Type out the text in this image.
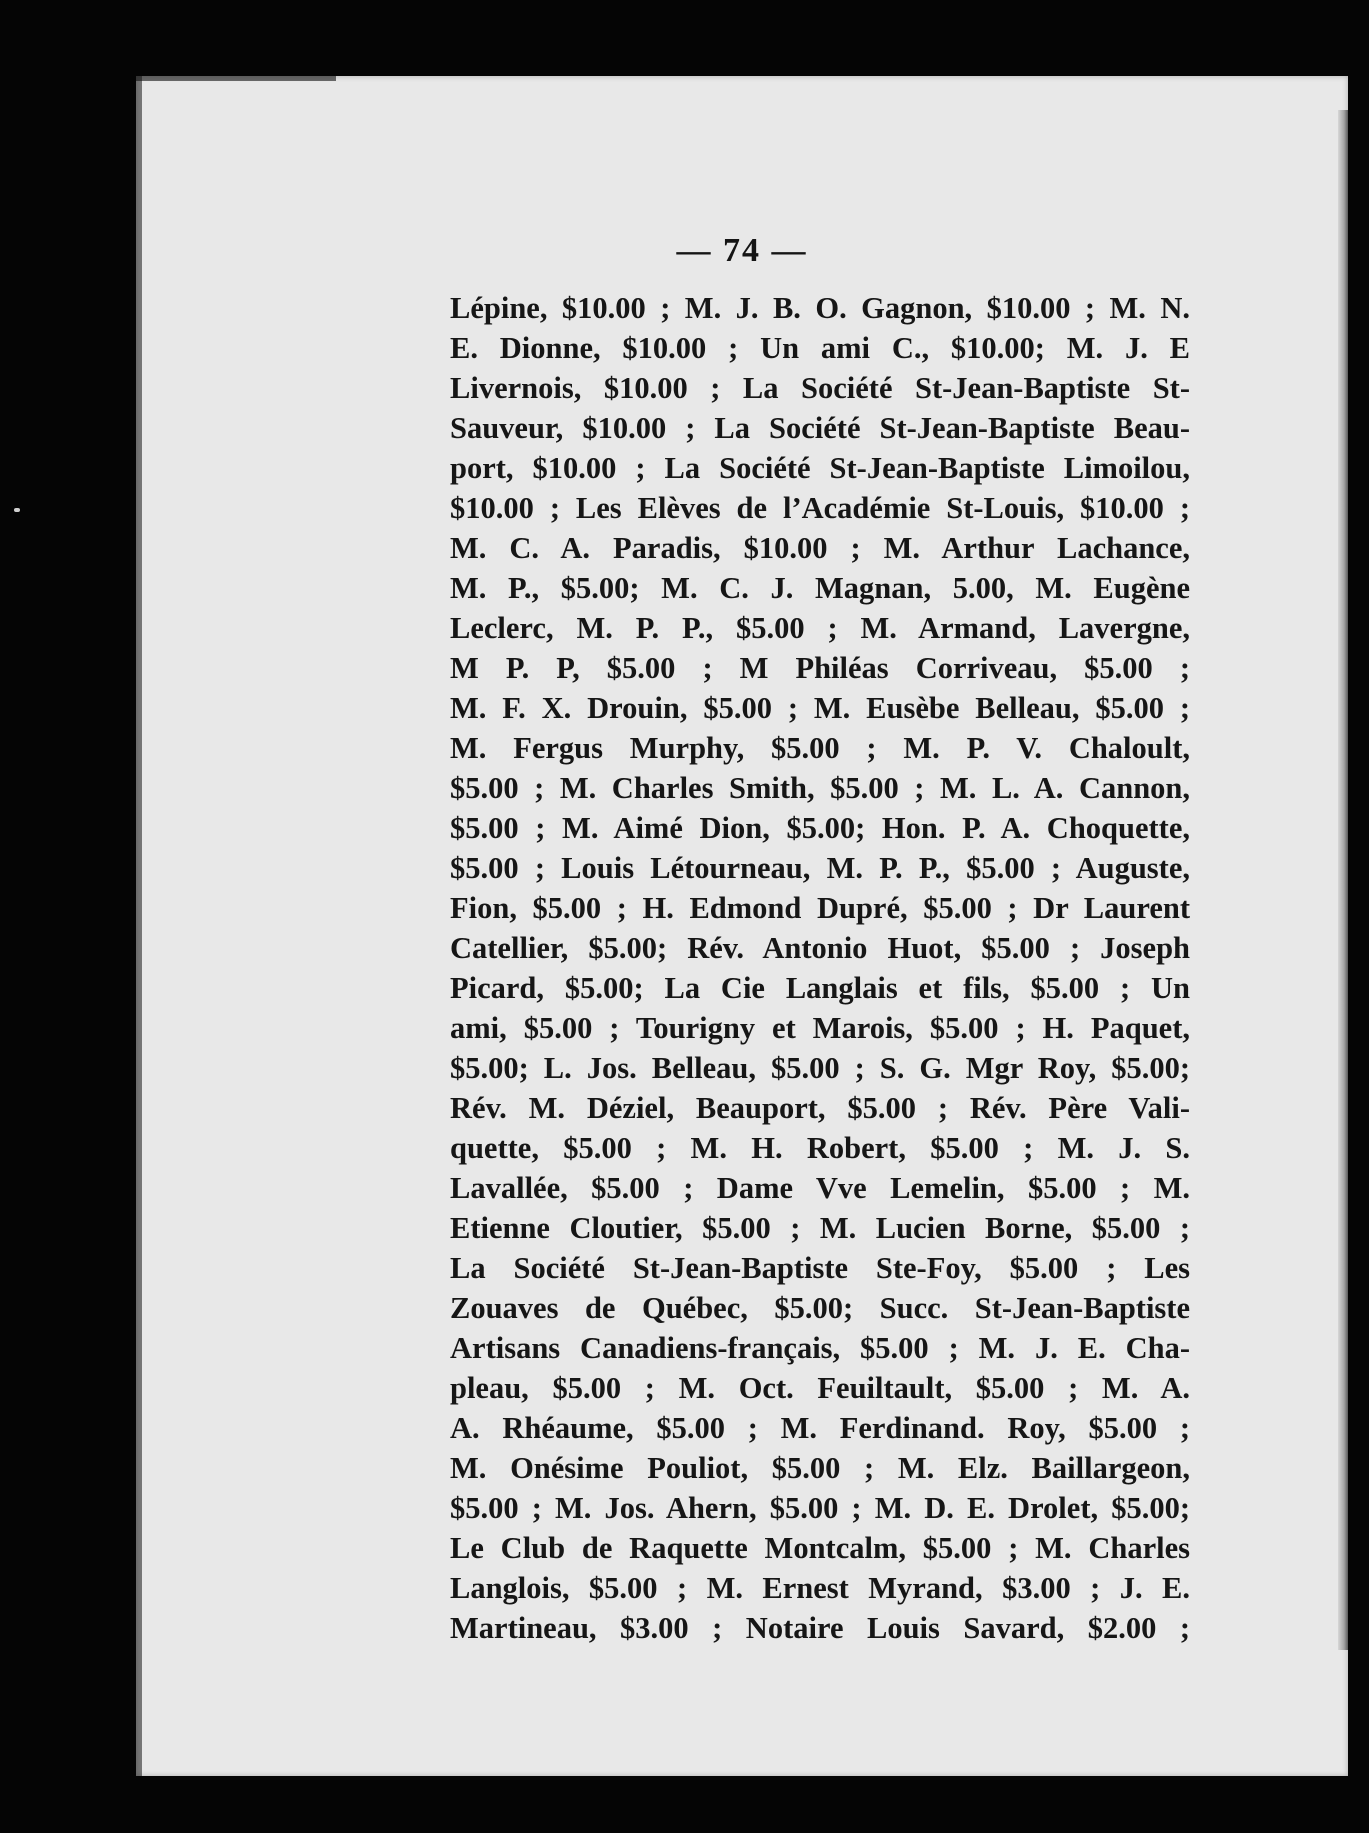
— 74 —
Lépine, $10.00 ; M. J. B. O. Gagnon, $10.00 ; M. N.
E. Dionne, $10.00 ; Un ami C., $10.00; M. J. E
Livernois, $10.00 ; La Société St-Jean-Baptiste St-
Sauveur, $10.00 ; La Société St-Jean-Baptiste Beau-
port, $10.00 ; La Société St-Jean-Baptiste Limoilou,
$10.00 ; Les Elèves de l’Académie St-Louis, $10.00 ;
M. C. A. Paradis, $10.00 ; M. Arthur Lachance,
M. P., $5.00; M. C. J. Magnan, 5.00, M. Eugène
Leclerc, M. P. P., $5.00 ; M. Armand, Lavergne,
M P. P, $5.00 ; M Philéas Corriveau, $5.00 ;
M. F. X. Drouin, $5.00 ; M. Eusèbe Belleau, $5.00 ;
M. Fergus Murphy, $5.00 ; M. P. V. Chaloult,
$5.00 ; M. Charles Smith, $5.00 ; M. L. A. Cannon,
$5.00 ; M. Aimé Dion, $5.00; Hon. P. A. Choquette,
$5.00 ; Louis Létourneau, M. P. P., $5.00 ; Auguste,
Fion, $5.00 ; H. Edmond Dupré, $5.00 ; Dr Laurent
Catellier, $5.00; Rév. Antonio Huot, $5.00 ; Joseph
Picard, $5.00; La Cie Langlais et fils, $5.00 ; Un
ami, $5.00 ; Tourigny et Marois, $5.00 ; H. Paquet,
$5.00; L. Jos. Belleau, $5.00 ; S. G. Mgr Roy, $5.00;
Rév. M. Déziel, Beauport, $5.00 ; Rév. Père Vali-
quette, $5.00 ; M. H. Robert, $5.00 ; M. J. S.
Lavallée, $5.00 ; Dame Vve Lemelin, $5.00 ; M.
Etienne Cloutier, $5.00 ; M. Lucien Borne, $5.00 ;
La Société St-Jean-Baptiste Ste-Foy, $5.00 ; Les
Zouaves de Québec, $5.00; Succ. St-Jean-Baptiste
Artisans Canadiens-français, $5.00 ; M. J. E. Cha-
pleau, $5.00 ; M. Oct. Feuiltault, $5.00 ; M. A.
A. Rhéaume, $5.00 ; M. Ferdinand. Roy, $5.00 ;
M. Onésime Pouliot, $5.00 ; M. Elz. Baillargeon,
$5.00 ; M. Jos. Ahern, $5.00 ; M. D. E. Drolet, $5.00;
Le Club de Raquette Montcalm, $5.00 ; M. Charles
Langlois, $5.00 ; M. Ernest Myrand, $3.00 ; J. E.
Martineau, $3.00 ; Notaire Louis Savard, $2.00 ;
